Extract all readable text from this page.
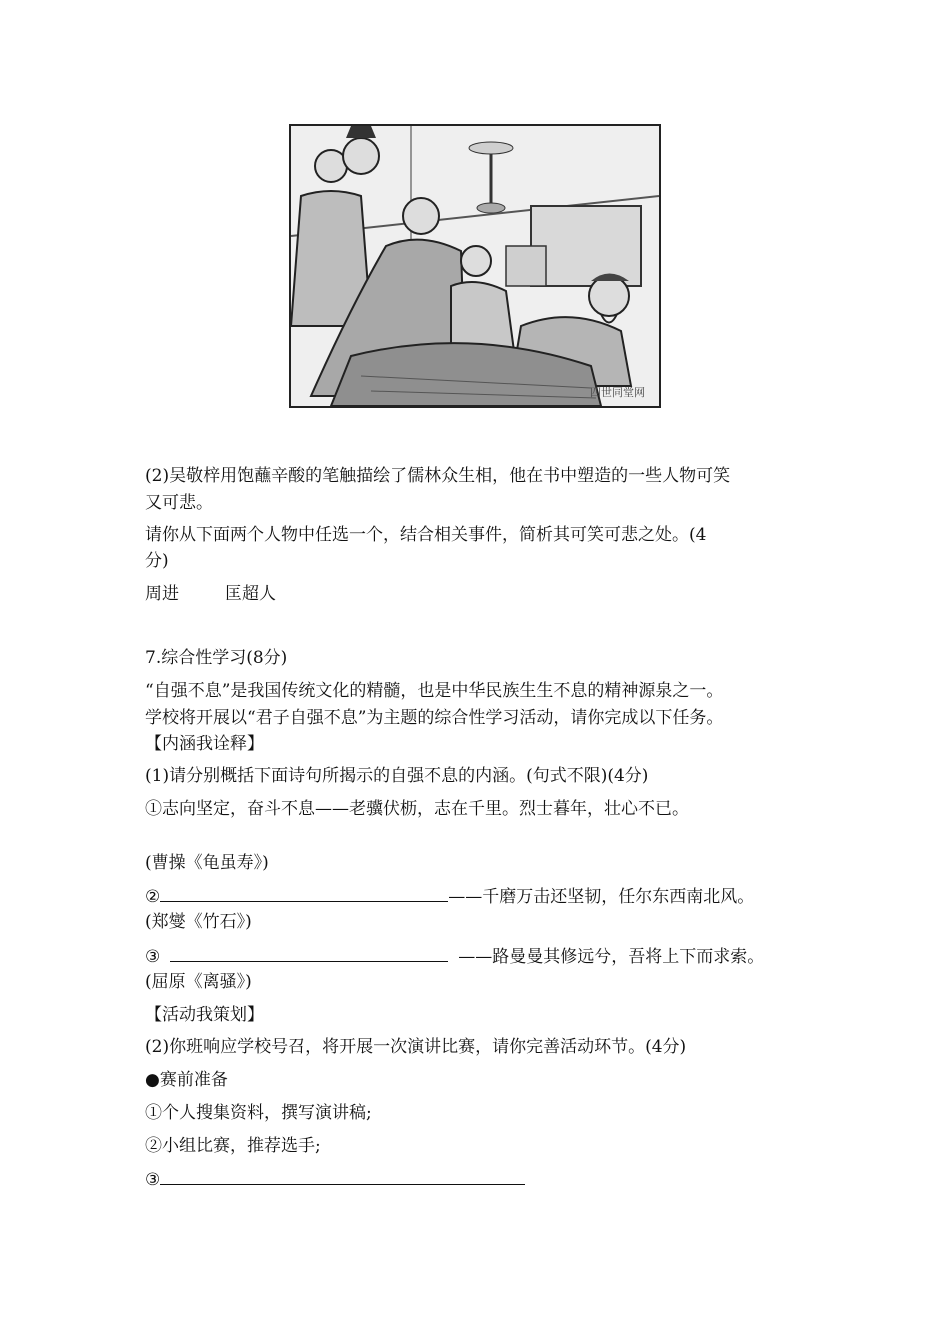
四世同堂网
(2)吴敬梓用饱蘸辛酸的笔触描绘了儒林众生相，他在书中塑造的一些人物可笑
又可悲。
请你从下面两个人物中任选一个，结合相关事件，简析其可笑可悲之处。(4
分)
周进	匡超人
7.综合性学习(8分)
“自强不息”是我国传统文化的精髓，也是中华民族生生不息的精神源泉之一。
学校将开展以“君子自强不息”为主题的综合性学习活动，请你完成以下任务。
【内涵我诠释】
(1)请分别概括下面诗句所揭示的自强不息的内涵。(句式不限)(4分)
①志向坚定，奋斗不息——老骥伏枥，志在千里。烈士暮年，壮心不已。
(曹操《龟虽寿》)
②	——千磨万击还坚韧，任尔东西南北风。
(郑燮《竹石》)
③	——路曼曼其修远兮，吾将上下而求索。
(屈原《离骚》)
【活动我策划】
(2)你班响应学校号召，将开展一次演讲比赛，请你完善活动环节。(4分)
●赛前准备
①个人搜集资料，撰写演讲稿;
②小组比赛，推荐选手;
③
